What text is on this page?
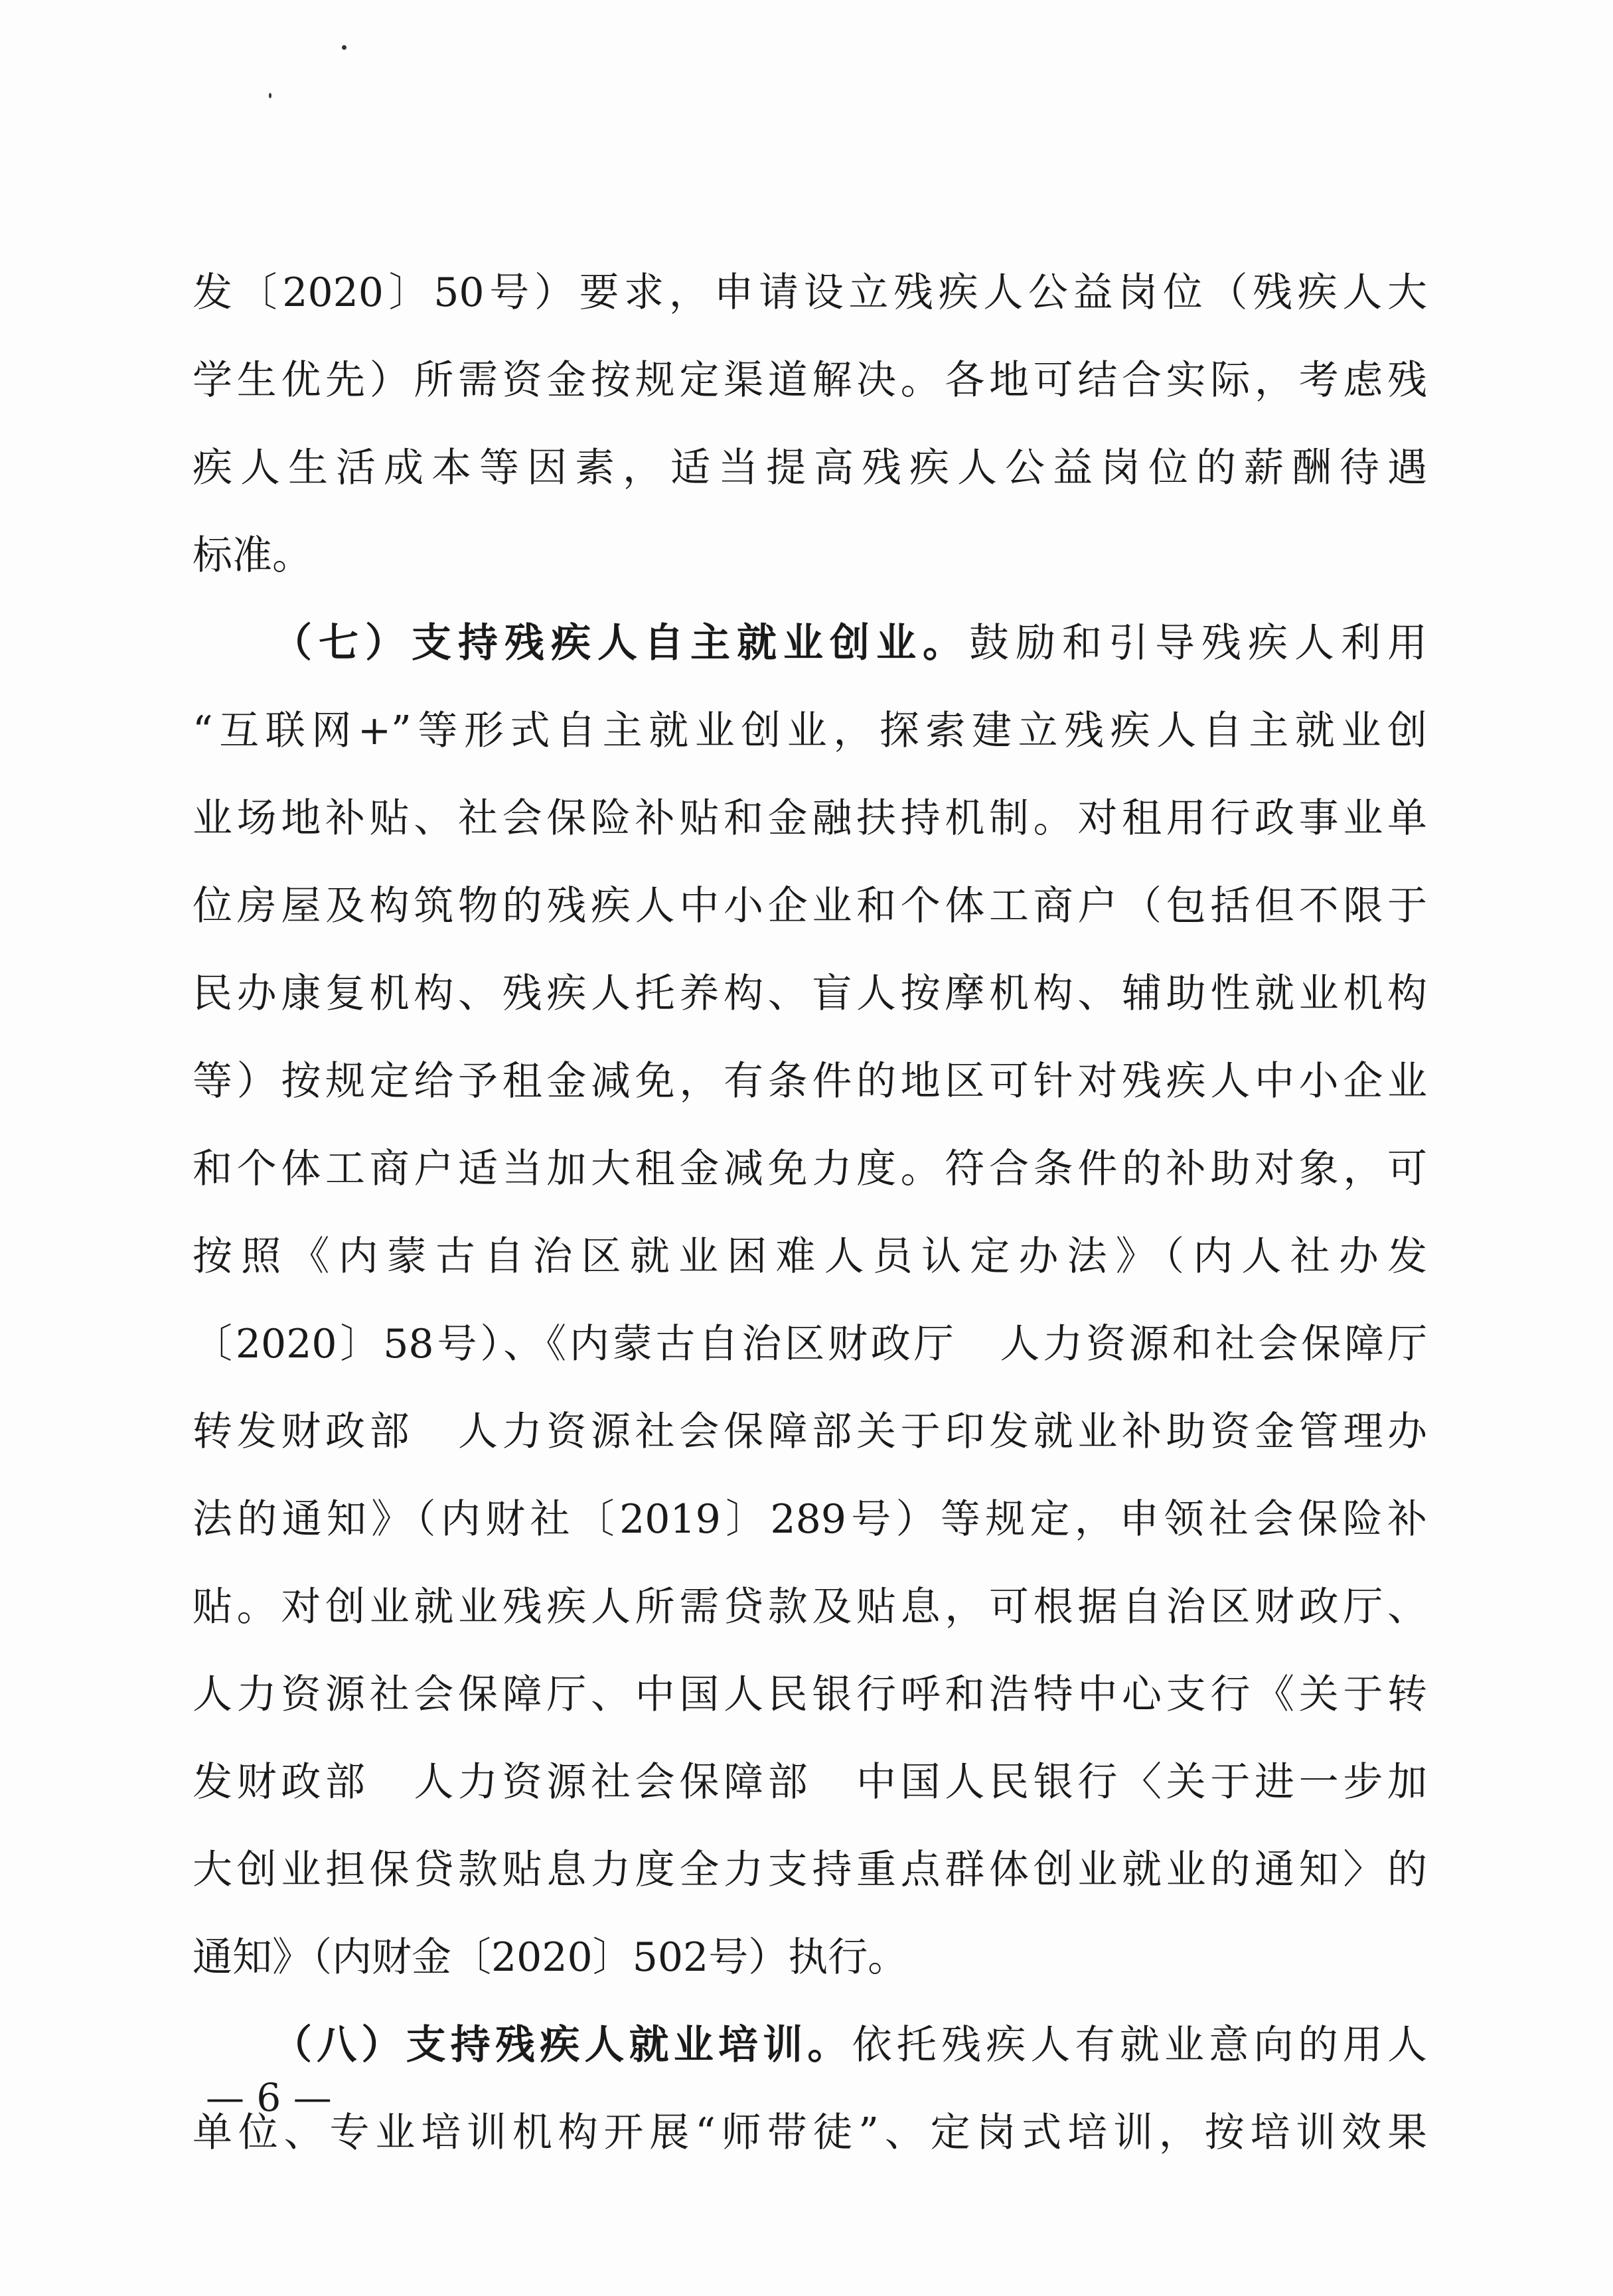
发〔2020〕50号）要求，申请设立残疾人公益岗位（残疾人大
学生优先）所需资金按规定渠道解决。各地可结合实际，考虑残
疾人生活成本等因素，适当提高残疾人公益岗位的薪酬待遇
标准。
（七）支持残疾人自主就业创业。鼓励和引导残疾人利用
“互联网+”等形式自主就业创业，探索建立残疾人自主就业创
业场地补贴、社会保险补贴和金融扶持机制。对租用行政事业单
位房屋及构筑物的残疾人中小企业和个体工商户（包括但不限于
民办康复机构、残疾人托养构、盲人按摩机构、辅助性就业机构
等）按规定给予租金减免，有条件的地区可针对残疾人中小企业
和个体工商户适当加大租金减免力度。符合条件的补助对象，可
按照《内蒙古自治区就业困难人员认定办法》（内人社办发
〔2020〕58号）、《内蒙古自治区财政厅　人力资源和社会保障厅
转发财政部　人力资源社会保障部关于印发就业补助资金管理办
法的通知》（内财社〔2019〕289号）等规定，申领社会保险补
贴。对创业就业残疾人所需贷款及贴息，可根据自治区财政厅、
人力资源社会保障厅、中国人民银行呼和浩特中心支行《关于转
发财政部　人力资源社会保障部　中国人民银行〈关于进一步加
大创业担保贷款贴息力度全力支持重点群体创业就业的通知〉的
通知》（内财金〔2020〕502号）执行。
（八）支持残疾人就业培训。依托残疾人有就业意向的用人
单位、专业培训机构开展“师带徒”、定岗式培训，按培训效果
— 6 —
